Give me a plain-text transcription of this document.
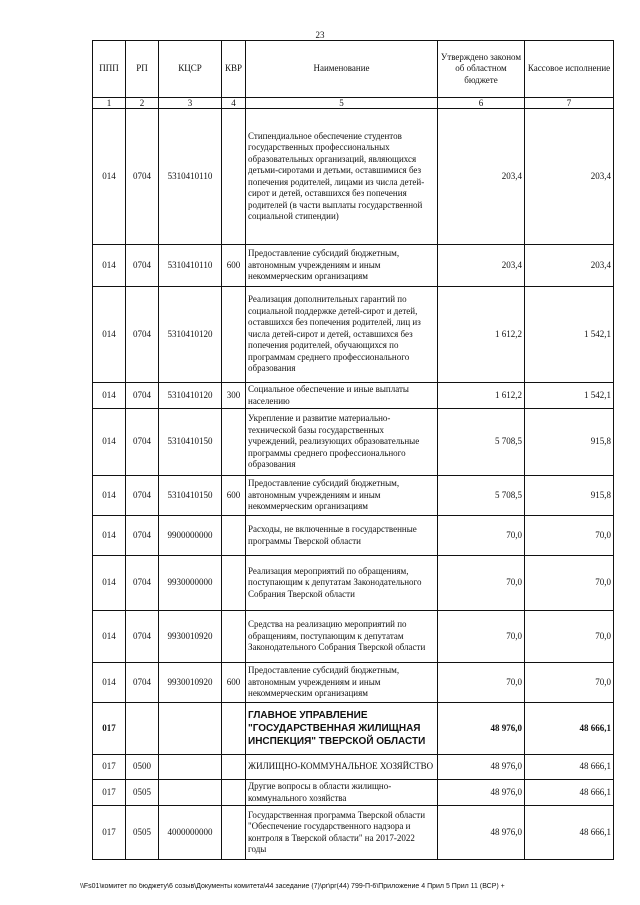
23
ППП	РП	КЦСР	КВР	Наименование	Утверждено законом об областном бюджете	Кассовое исполнение
1	2	3	4	5	6	7
014	0704	5310410110		Стипендиальное обеспечение студентов государственных профессиональных образовательных организаций, являющихся детьми-сиротами и детьми, оставшимися без попечения родителей, лицами из числа детей-сирот и детей, оставшихся без попечения родителей (в части выплаты государственной социальной стипендии)	203,4	203,4
014	0704	5310410110	600	Предоставление субсидий бюджетным, автономным учреждениям и иным некоммерческим организациям	203,4	203,4
014	0704	5310410120		Реализация дополнительных гарантий по социальной поддержке детей-сирот и детей, оставшихся без попечения родителей, лиц из числа детей-сирот и детей, оставшихся без попечения родителей, обучающихся по программам среднего профессионального образования	1 612,2	1 542,1
014	0704	5310410120	300	Социальное обеспечение и иные выплаты населению	1 612,2	1 542,1
014	0704	5310410150		Укрепление и развитие материально-технической базы государственных учреждений, реализующих образовательные программы среднего профессионального образования	5 708,5	915,8
014	0704	5310410150	600	Предоставление субсидий бюджетным, автономным учреждениям и иным некоммерческим организациям	5 708,5	915,8
014	0704	9900000000		Расходы, не включенные в государственные программы Тверской области	70,0	70,0
014	0704	9930000000		Реализация мероприятий по обращениям, поступающим к депутатам Законодательного Собрания Тверской области	70,0	70,0
014	0704	9930010920		Средства на реализацию мероприятий по обращениям, поступающим к депутатам Законодательного Собрания Тверской области	70,0	70,0
014	0704	9930010920	600	Предоставление субсидий бюджетным, автономным учреждениям и иным некоммерческим организациям	70,0	70,0
017				ГЛАВНОЕ УПРАВЛЕНИЕ "ГОСУДАРСТВЕННАЯ ЖИЛИЩНАЯ ИНСПЕКЦИЯ" ТВЕРСКОЙ ОБЛАСТИ	48 976,0	48 666,1
017	0500			ЖИЛИЩНО-КОММУНАЛЬНОЕ ХОЗЯЙСТВО	48 976,0	48 666,1
017	0505			Другие вопросы в области жилищно-коммунального хозяйства	48 976,0	48 666,1
017	0505	4000000000		Государственная программа Тверской области "Обеспечение государственного надзора и контроля в Тверской области" на 2017-2022 годы	48 976,0	48 666,1
\\Fs01\комитет по бюджету\6 созыв\Документы комитета\44 заседание (7)\рг\рг(44) 799-П-6\Приложение 4 Прил 5 Прил 11 (ВСР) +
